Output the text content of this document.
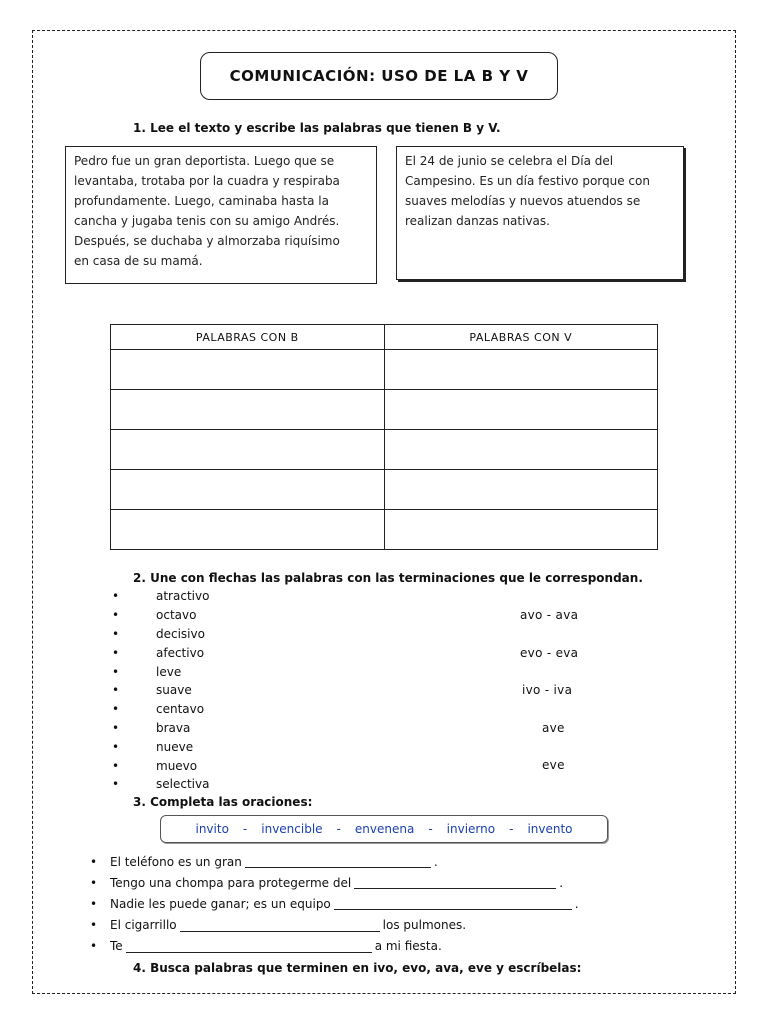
COMUNICACIÓN: USO DE LA B Y V
1. Lee el texto y escribe las palabras que tienen B y V.
Pedro fue un gran deportista. Luego que se
levantaba, trotaba por la cuadra y respiraba
profundamente. Luego, caminaba hasta la
cancha y jugaba tenis con su amigo Andrés.
Después, se duchaba y almorzaba riquísimo
en casa de su mamá.
El 24 de junio se celebra el Día del
Campesino. Es un día festivo porque con
suaves melodías y nuevos atuendos se
realizan danzas nativas.
PALABRAS CON B	PALABRAS CON V

2. Une con flechas las palabras con las terminaciones que le correspondan.
•	atractivo
•	octavo
•	decisivo
•	afectivo
•	leve
•	suave
•	centavo
•	brava
•	nueve
•	muevo
•	selectiva
avo - ava
evo - eva
ivo - iva
ave
eve
3. Completa las oraciones:
invito - invencible - envenena - invierno - invento
•	El teléfono es un gran	.
•	Tengo una chompa para protegerme del	.
•	Nadie les puede ganar; es un equipo	.
•	El cigarrillo	los pulmones.
•	Te	a mi fiesta.
4. Busca palabras que terminen en ivo, evo, ava, eve y escríbelas:
